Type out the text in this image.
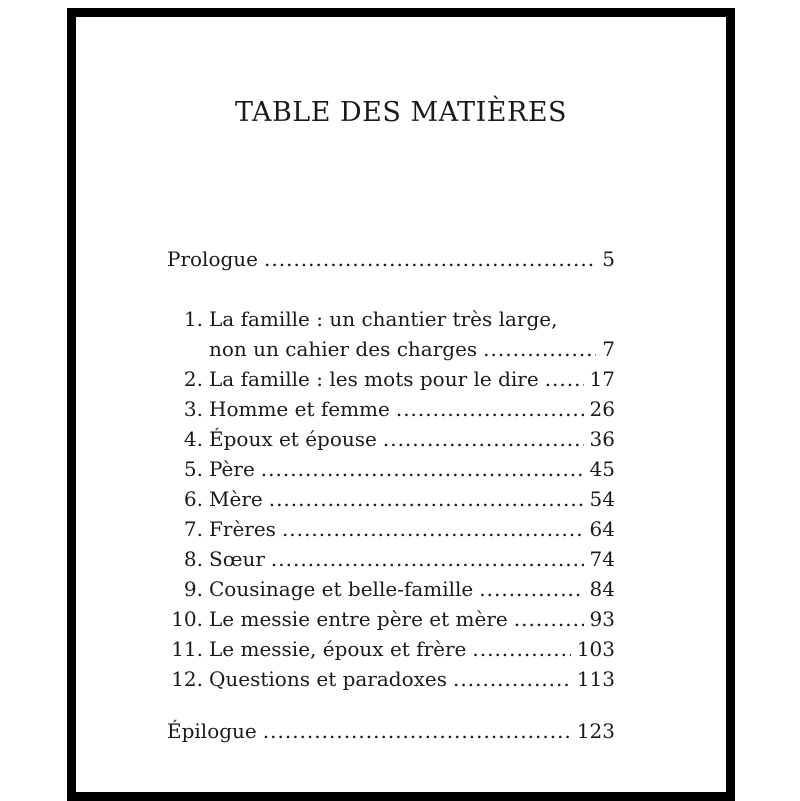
TABLE DES MATIÈRES
Prologue .....	5
1. La famille : un chantier très large,
non un cahier des charges .....	7
2. La famille : les mots pour le dire .....	17
3. Homme et femme .....	26
4. Époux et épouse .....	36
5. Père .....	45
6. Mère .....	54
7. Frères .....	64
8. Sœur .....	74
9. Cousinage et belle-famille .....	84
10. Le messie entre père et mère .....	93
11. Le messie, époux et frère .....	103
12. Questions et paradoxes .....	113
Épilogue .....	123
